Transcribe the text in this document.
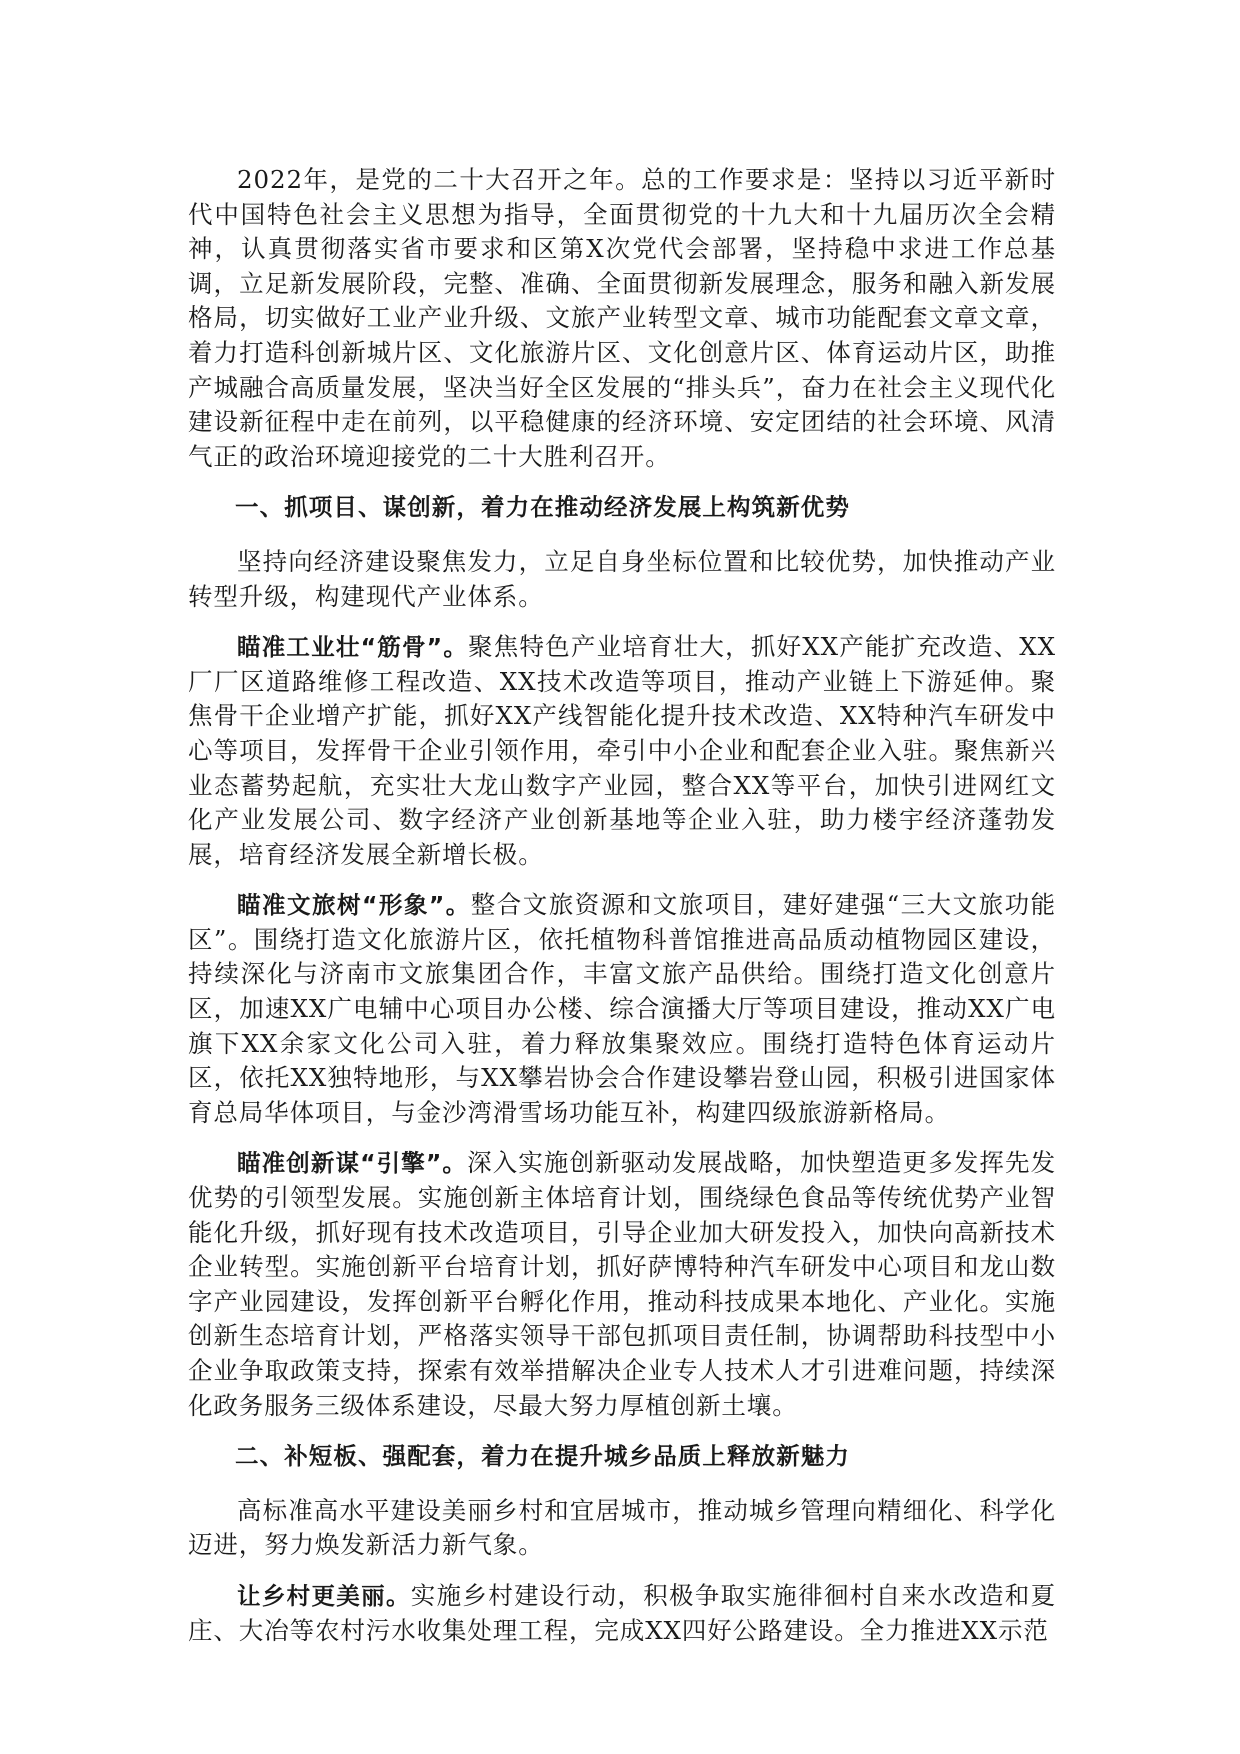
2022年，是党的二十大召开之年。总的工作要求是：坚持以习近平新时代中国特色社会主义思想为指导，全面贯彻党的十九大和十九届历次全会精神，认真贯彻落实省市要求和区第X次党代会部署，坚持稳中求进工作总基调，立足新发展阶段，完整、准确、全面贯彻新发展理念，服务和融入新发展格局，切实做好工业产业升级、文旅产业转型文章、城市功能配套文章文章，着力打造科创新城片区、文化旅游片区、文化创意片区、体育运动片区，助推产城融合高质量发展，坚决当好全区发展的“排头兵”，奋力在社会主义现代化建设新征程中走在前列，以平稳健康的经济环境、安定团结的社会环境、风清气正的政治环境迎接党的二十大胜利召开。

一、抓项目、谋创新，着力在推动经济发展上构筑新优势

坚持向经济建设聚焦发力，立足自身坐标位置和比较优势，加快推动产业转型升级，构建现代产业体系。

瞄准工业壮“筋骨”。聚焦特色产业培育壮大，抓好XX产能扩充改造、XX厂厂区道路维修工程改造、XX技术改造等项目，推动产业链上下游延伸。聚焦骨干企业增产扩能，抓好XX产线智能化提升技术改造、XX特种汽车研发中心等项目，发挥骨干企业引领作用，牵引中小企业和配套企业入驻。聚焦新兴业态蓄势起航，充实壮大龙山数字产业园，整合XX等平台，加快引进网红文化产业发展公司、数字经济产业创新基地等企业入驻，助力楼宇经济蓬勃发展，培育经济发展全新增长极。

瞄准文旅树“形象”。整合文旅资源和文旅项目，建好建强“三大文旅功能区”。围绕打造文化旅游片区，依托植物科普馆推进高品质动植物园区建设，持续深化与济南市文旅集团合作，丰富文旅产品供给。围绕打造文化创意片区，加速XX广电辅中心项目办公楼、综合演播大厅等项目建设，推动XX广电旗下XX余家文化公司入驻，着力释放集聚效应。围绕打造特色体育运动片区，依托XX独特地形，与XX攀岩协会合作建设攀岩登山园，积极引进国家体育总局华体项目，与金沙湾滑雪场功能互补，构建四级旅游新格局。

瞄准创新谋“引擎”。深入实施创新驱动发展战略，加快塑造更多发挥先发优势的引领型发展。实施创新主体培育计划，围绕绿色食品等传统优势产业智能化升级，抓好现有技术改造项目，引导企业加大研发投入，加快向高新技术企业转型。实施创新平台培育计划，抓好萨博特种汽车研发中心项目和龙山数字产业园建设，发挥创新平台孵化作用，推动科技成果本地化、产业化。实施创新生态培育计划，严格落实领导干部包抓项目责任制，协调帮助科技型中小企业争取政策支持，探索有效举措解决企业专人技术人才引进难问题，持续深化政务服务三级体系建设，尽最大努力厚植创新土壤。

二、补短板、强配套，着力在提升城乡品质上释放新魅力

高标准高水平建设美丽乡村和宜居城市，推动城乡管理向精细化、科学化迈进，努力焕发新活力新气象。

让乡村更美丽。实施乡村建设行动，积极争取实施徘徊村自来水改造和夏庄、大冶等农村污水收集处理工程，完成XX四好公路建设。全力推进XX示范
